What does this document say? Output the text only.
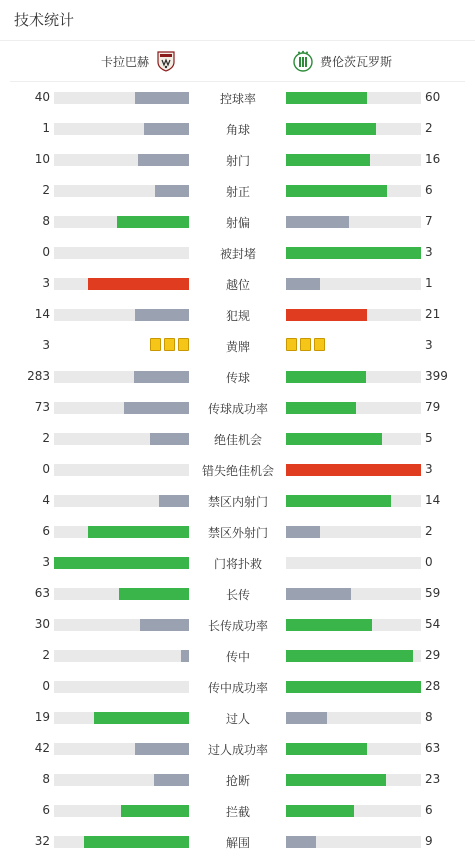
技术统计
卡拉巴赫	费伦茨瓦罗斯
40	控球率	60
1	角球	2
10	射门	16
2	射正	6
8	射偏	7
0	被封堵	3
3	越位	1
14	犯规	21
3	黄牌	3
283	传球	399
73	传球成功率	79
2	绝佳机会	5
0	错失绝佳机会	3
4	禁区内射门	14
6	禁区外射门	2
3	门将扑救	0
63	长传	59
30	长传成功率	54
2	传中	29
0	传中成功率	28
19	过人	8
42	过人成功率	63
8	抢断	23
6	拦截	6
32	解围	9
